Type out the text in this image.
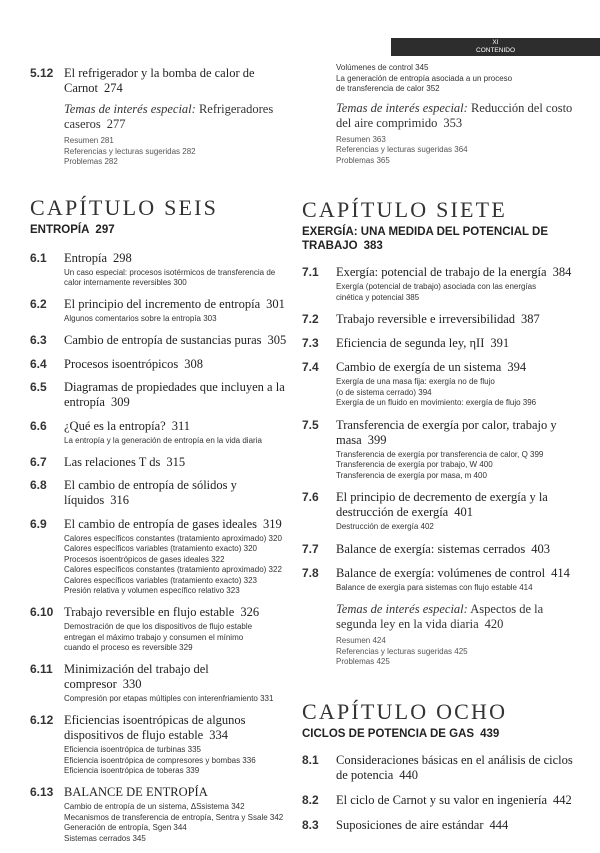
XI
CONTENIDO
5.12 El refrigerador y la bomba de calor de Carnot 274
Temas de interés especial: Refrigeradores caseros 277
Resumen 281
Referencias y lecturas sugeridas 282
Problemas 282
CAPÍTULO SEIS
ENTROPÍA 297
6.1	Entropía 298
Un caso especial: procesos isotérmicos de transferencia de
calor internamente reversibles 300
6.2	El principio del incremento de entropía 301
Algunos comentarios sobre la entropía 303
6.3	Cambio de entropía de sustancias puras 305
6.4	Procesos isoentrópicos 308
6.5	Diagramas de propiedades que incluyen a la entropía 309
6.6	¿Qué es la entropía? 311
La entropía y la generación de entropía en la vida diaria
6.7	Las relaciones T ds 315
6.8	El cambio de entropía de sólidos y líquidos 316
6.9	El cambio de entropía de gases ideales 319
Calores específicos constantes (tratamiento aproximado) 320
Calores específicos variables (tratamiento exacto) 320
Procesos isoentrópicos de gases ideales 322
Calores específicos constantes (tratamiento aproximado) 322
Calores específicos variables (tratamiento exacto) 323
Presión relativa y volumen específico relativo 323
6.10 Trabajo reversible en flujo estable 326
Demostración de que los dispositivos de flujo estable
entregan el máximo trabajo y consumen el mínimo
cuando el proceso es reversible 329
6.11 Minimización del trabajo del compresor 330
Compresión por etapas múltiples con interenfriamiento 331
6.12 Eficiencias isoentrópicas de algunos dispositivos de flujo estable 334
Eficiencia isoentrópica de turbinas 335
Eficiencia isoentrópica de compresores y bombas 336
Eficiencia isoentrópica de toberas 339
6.13 BALANCE DE ENTROPÍA
Cambio de entropía de un sistema, ΔSsistema 342
Mecanismos de transferencia de entropía, Sentra y Ssale 342
Generación de entropía, Sgen 344
Sistemas cerrados 345
Volúmenes de control 345
La generación de entropía asociada a un proceso
de transferencia de calor 352
Temas de interés especial: Reducción del costo del aire comprimido 353
Resumen 363
Referencias y lecturas sugeridas 364
Problemas 365
CAPÍTULO SIETE
EXERGÍA: UNA MEDIDA DEL POTENCIAL DE TRABAJO 383
7.1	Exergía: potencial de trabajo de la energía 384
Exergía (potencial de trabajo) asociada con las energías
cinética y potencial 385
7.2	Trabajo reversible e irreversibilidad 387
7.3	Eficiencia de segunda ley, ηII 391
7.4	Cambio de exergía de un sistema 394
Exergía de una masa fija: exergía no de flujo
(o de sistema cerrado) 394
Exergía de un fluido en movimiento: exergía de flujo 396
7.5	Transferencia de exergía por calor, trabajo y masa 399
Transferencia de exergía por transferencia de calor, Q 399
Transferencia de exergía por trabajo, W 400
Transferencia de exergía por masa, m 400
7.6	El principio de decremento de exergía y la destrucción de exergía 401
Destrucción de exergía 402
7.7	Balance de exergía: sistemas cerrados 403
7.8	Balance de exergía: volúmenes de control 414
Balance de exergía para sistemas con flujo estable 414
Temas de interés especial: Aspectos de la segunda ley en la vida diaria 420
Resumen 424
Referencias y lecturas sugeridas 425
Problemas 425
CAPÍTULO OCHO
CICLOS DE POTENCIA DE GAS 439
8.1	Consideraciones básicas en el análisis de ciclos de potencia 440
8.2	El ciclo de Carnot y su valor en ingeniería 442
8.3	Suposiciones de aire estándar 444
